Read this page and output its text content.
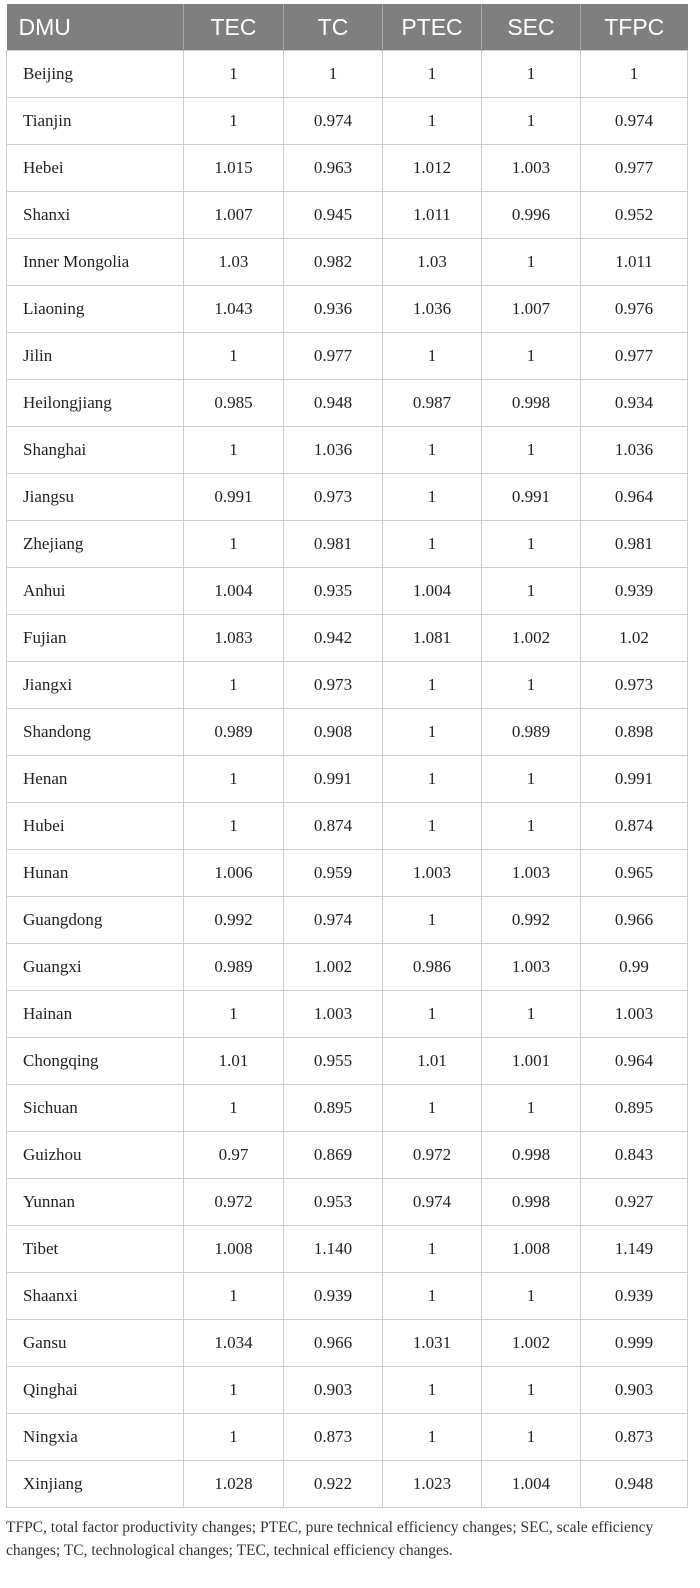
DMU	TEC	TC	PTEC	SEC	TFPC
Beijing	1	1	1	1	1
Tianjin	1	0.974	1	1	0.974
Hebei	1.015	0.963	1.012	1.003	0.977
Shanxi	1.007	0.945	1.011	0.996	0.952
Inner Mongolia	1.03	0.982	1.03	1	1.011
Liaoning	1.043	0.936	1.036	1.007	0.976
Jilin	1	0.977	1	1	0.977
Heilongjiang	0.985	0.948	0.987	0.998	0.934
Shanghai	1	1.036	1	1	1.036
Jiangsu	0.991	0.973	1	0.991	0.964
Zhejiang	1	0.981	1	1	0.981
Anhui	1.004	0.935	1.004	1	0.939
Fujian	1.083	0.942	1.081	1.002	1.02
Jiangxi	1	0.973	1	1	0.973
Shandong	0.989	0.908	1	0.989	0.898
Henan	1	0.991	1	1	0.991
Hubei	1	0.874	1	1	0.874
Hunan	1.006	0.959	1.003	1.003	0.965
Guangdong	0.992	0.974	1	0.992	0.966
Guangxi	0.989	1.002	0.986	1.003	0.99
Hainan	1	1.003	1	1	1.003
Chongqing	1.01	0.955	1.01	1.001	0.964
Sichuan	1	0.895	1	1	0.895
Guizhou	0.97	0.869	0.972	0.998	0.843
Yunnan	0.972	0.953	0.974	0.998	0.927
Tibet	1.008	1.140	1	1.008	1.149
Shaanxi	1	0.939	1	1	0.939
Gansu	1.034	0.966	1.031	1.002	0.999
Qinghai	1	0.903	1	1	0.903
Ningxia	1	0.873	1	1	0.873
Xinjiang	1.028	0.922	1.023	1.004	0.948

TFPC, total factor productivity changes; PTEC, pure technical efficiency changes; SEC, scale efficiency changes; TC, technological changes; TEC, technical efficiency changes.
